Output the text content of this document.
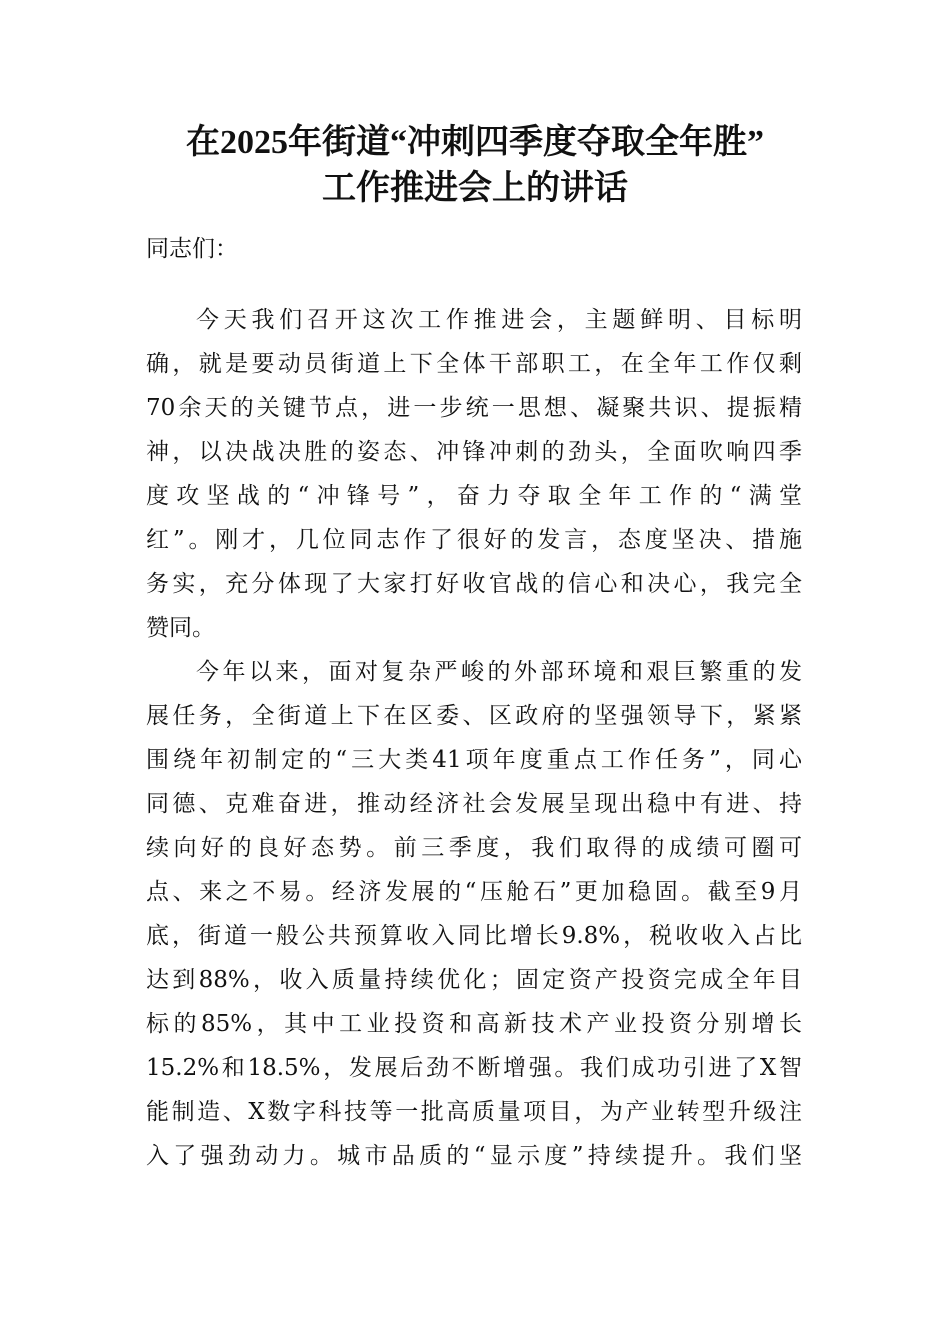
在2025年街道“冲刺四季度夺取全年胜”
工作推进会上的讲话
同志们：
今天我们召开这次工作推进会，主题鲜明、目标明
确，就是要动员街道上下全体干部职工，在全年工作仅剩
70余天的关键节点，进一步统一思想、凝聚共识、提振精
神，以决战决胜的姿态、冲锋冲刺的劲头，全面吹响四季
度攻坚战的“冲锋号”，奋力夺取全年工作的“满堂
红”。刚才，几位同志作了很好的发言，态度坚决、措施
务实，充分体现了大家打好收官战的信心和决心，我完全
赞同。
今年以来，面对复杂严峻的外部环境和艰巨繁重的发
展任务，全街道上下在区委、区政府的坚强领导下，紧紧
围绕年初制定的“三大类41项年度重点工作任务”，同心
同德、克难奋进，推动经济社会发展呈现出稳中有进、持
续向好的良好态势。前三季度，我们取得的成绩可圈可
点、来之不易。经济发展的“压舱石”更加稳固。截至9月
底，街道一般公共预算收入同比增长9.8%，税收收入占比
达到88%，收入质量持续优化；固定资产投资完成全年目
标的85%，其中工业投资和高新技术产业投资分别增长
15.2%和18.5%，发展后劲不断增强。我们成功引进了X智
能制造、X数字科技等一批高质量项目，为产业转型升级注
入了强劲动力。城市品质的“显示度”持续提升。我们坚
